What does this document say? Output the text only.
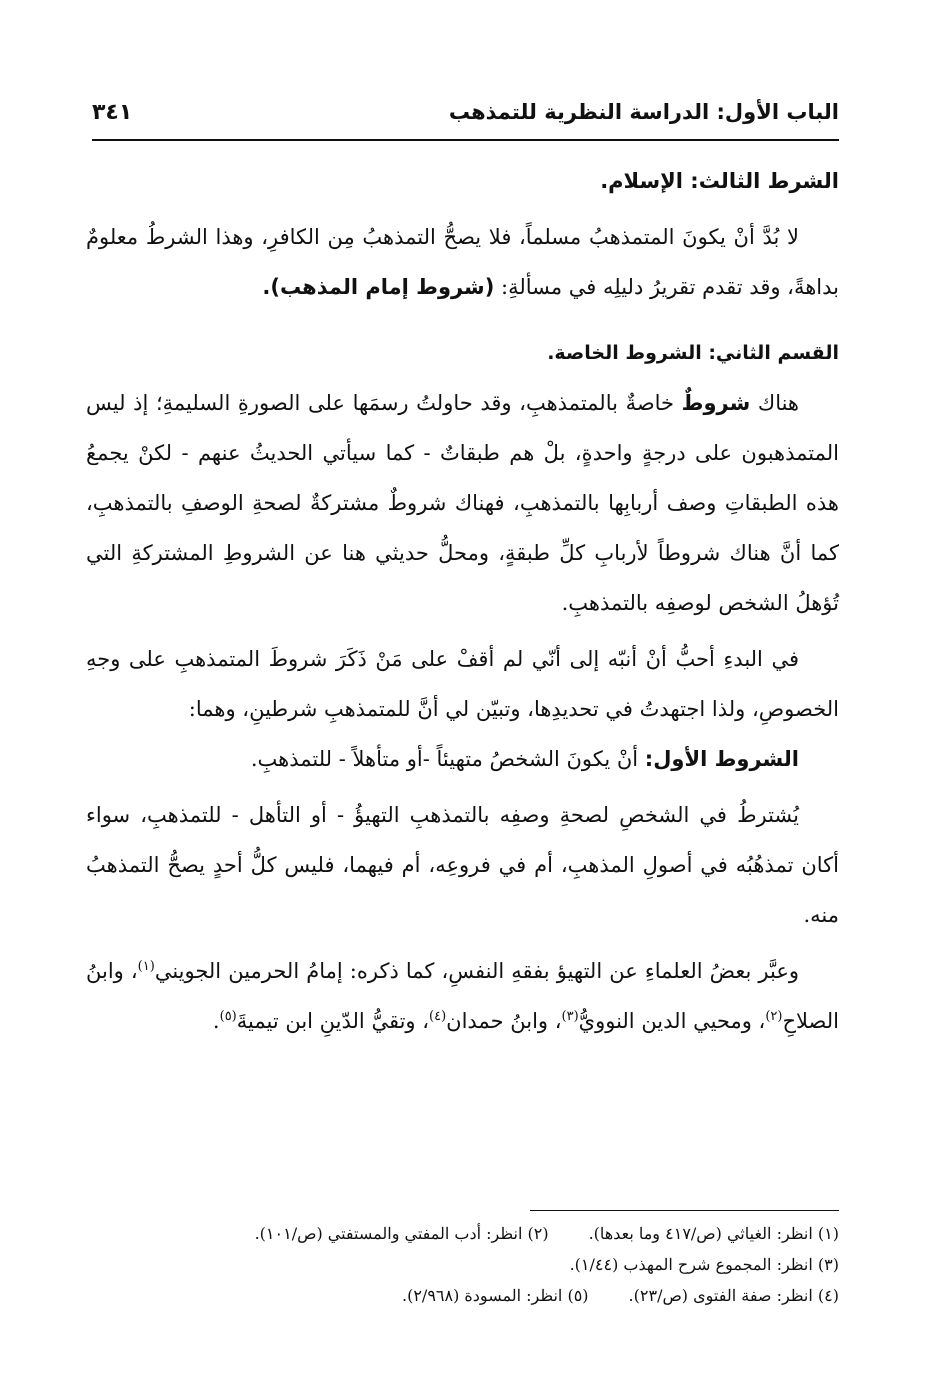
الباب الأول: الدراسة النظرية للتمذهب
٣٤١

الشرط الثالث: الإسلام.

لا بُدَّ أنْ يكونَ المتمذهبُ مسلماً، فلا يصحُّ التمذهبُ مِن الكافرِ، وهذا الشرطُ معلومٌ بداهةً، وقد تقدم تقريرُ دليلِه في مسألةِ: (شروط إمام المذهب).

القسم الثاني: الشروط الخاصة.

هناك شروطٌ خاصةٌ بالمتمذهبِ، وقد حاولتُ رسمَها على الصورةِ السليمةِ؛ إذ ليس المتمذهبون على درجةٍ واحدةٍ، بلْ هم طبقاتٌ - كما سيأتي الحديثُ عنهم - لكنْ يجمعُ هذه الطبقاتِ وصف أربابِها بالتمذهبِ، فهناك شروطٌ مشتركةٌ لصحةِ الوصفِ بالتمذهبِ، كما أنَّ هناك شروطاً لأربابِ كلِّ طبقةٍ، ومحلُّ حديثي هنا عن الشروطِ المشتركةِ التي تُؤهلُ الشخص لوصفِه بالتمذهبِ.

في البدءِ أحبُّ أنْ أنبّه إلى أنّي لم أقفْ على مَنْ ذَكَرَ شروطَ المتمذهبِ على وجهِ الخصوصِ، ولذا اجتهدتُ في تحديدِها، وتبيّن لي أنَّ للمتمذهبِ شرطينِ، وهما:

الشروط الأول: أنْ يكونَ الشخصُ متهيئاً -أو متأهلاً - للتمذهبِ.

يُشترطُ في الشخصِ لصحةِ وصفِه بالتمذهبِ التهيؤُ - أو التأهل - للتمذهبِ، سواء أكان تمذهُبُه في أصولِ المذهبِ، أم في فروعِه، أم فيهما، فليس كلُّ أحدٍ يصحُّ التمذهبُ منه.

وعبَّر بعضُ العلماءِ عن التهيؤ بفقهِ النفسِ، كما ذكره: إمامُ الحرمين الجويني$^{(١)}$، وابنُ الصلاحِ$^{(٢)}$، ومحيي الدين النوويُّ$^{(٣)}$، وابنُ حمدان$^{(٤)}$، وتقيُّ الدّينِ ابن تيميةَ$^{(٥)}$.

(١) انظر: الغياثي (ص/٤١٧ وما بعدها).
(٢) انظر: أدب المفتي والمستفتي (ص/١٠١).
(٣) انظر: المجموع شرح المهذب (١/٤٤).
(٤) انظر: صفة الفتوى (ص/٢٣).
(٥) انظر: المسودة (٢/٩٦٨).
